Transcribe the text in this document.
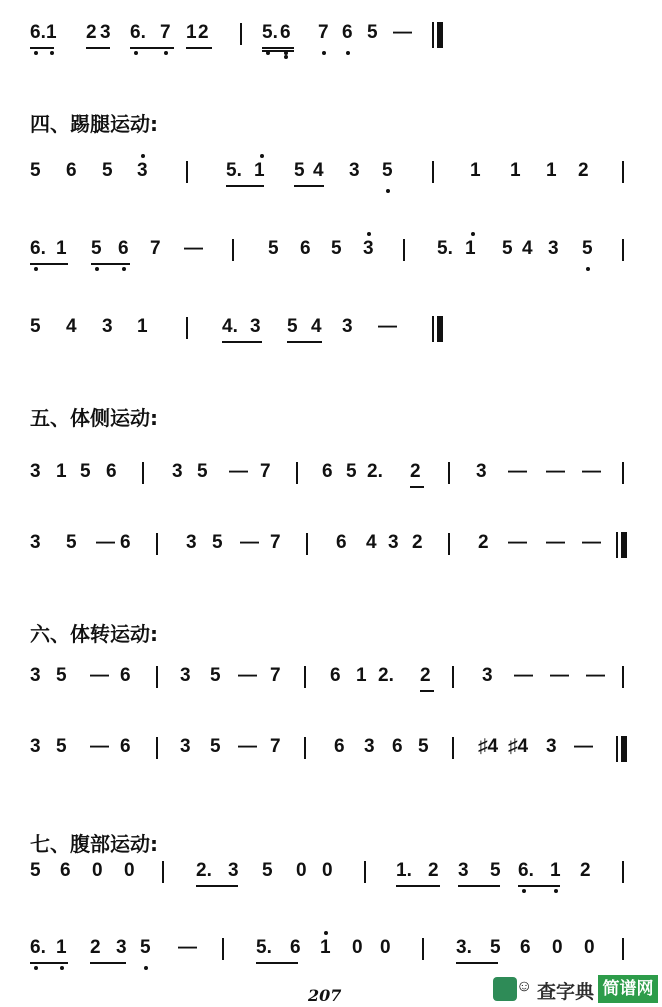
四、踢腿运动:
五、体侧运动:
六、体转运动:
七、腹部运动:
6. 1 2 3 6. 7 1 2	5. 6 7 6 5 —
5 6 5 3	5. 1 5 4 3 5	1 1 1 2
6. 1 5 6 7 —	5 6 5 3	5. 1 5 4 3 5
5 4 3 1	4. 3 5 4 3 —
3 1 5 6	3 5 — 7	6 5 2. 2	3 — — —
3 5 — 6	3 5 — 7	6 4 3 2	2 — — —
3 5 — 6	3 5 — 7	6 1 2. 2	3 — — —
3 5 — 6	3 5 — 7	6 3 6 5	♯4 ♯4 3 —
5 6 0 0	2. 3 5 0 0	1. 2 3 5 6. 1 2
6. 1 2 3 5 —	5. 6 1 0 0	3. 5 6 0 0
207	☺ 查字典 简谱网
